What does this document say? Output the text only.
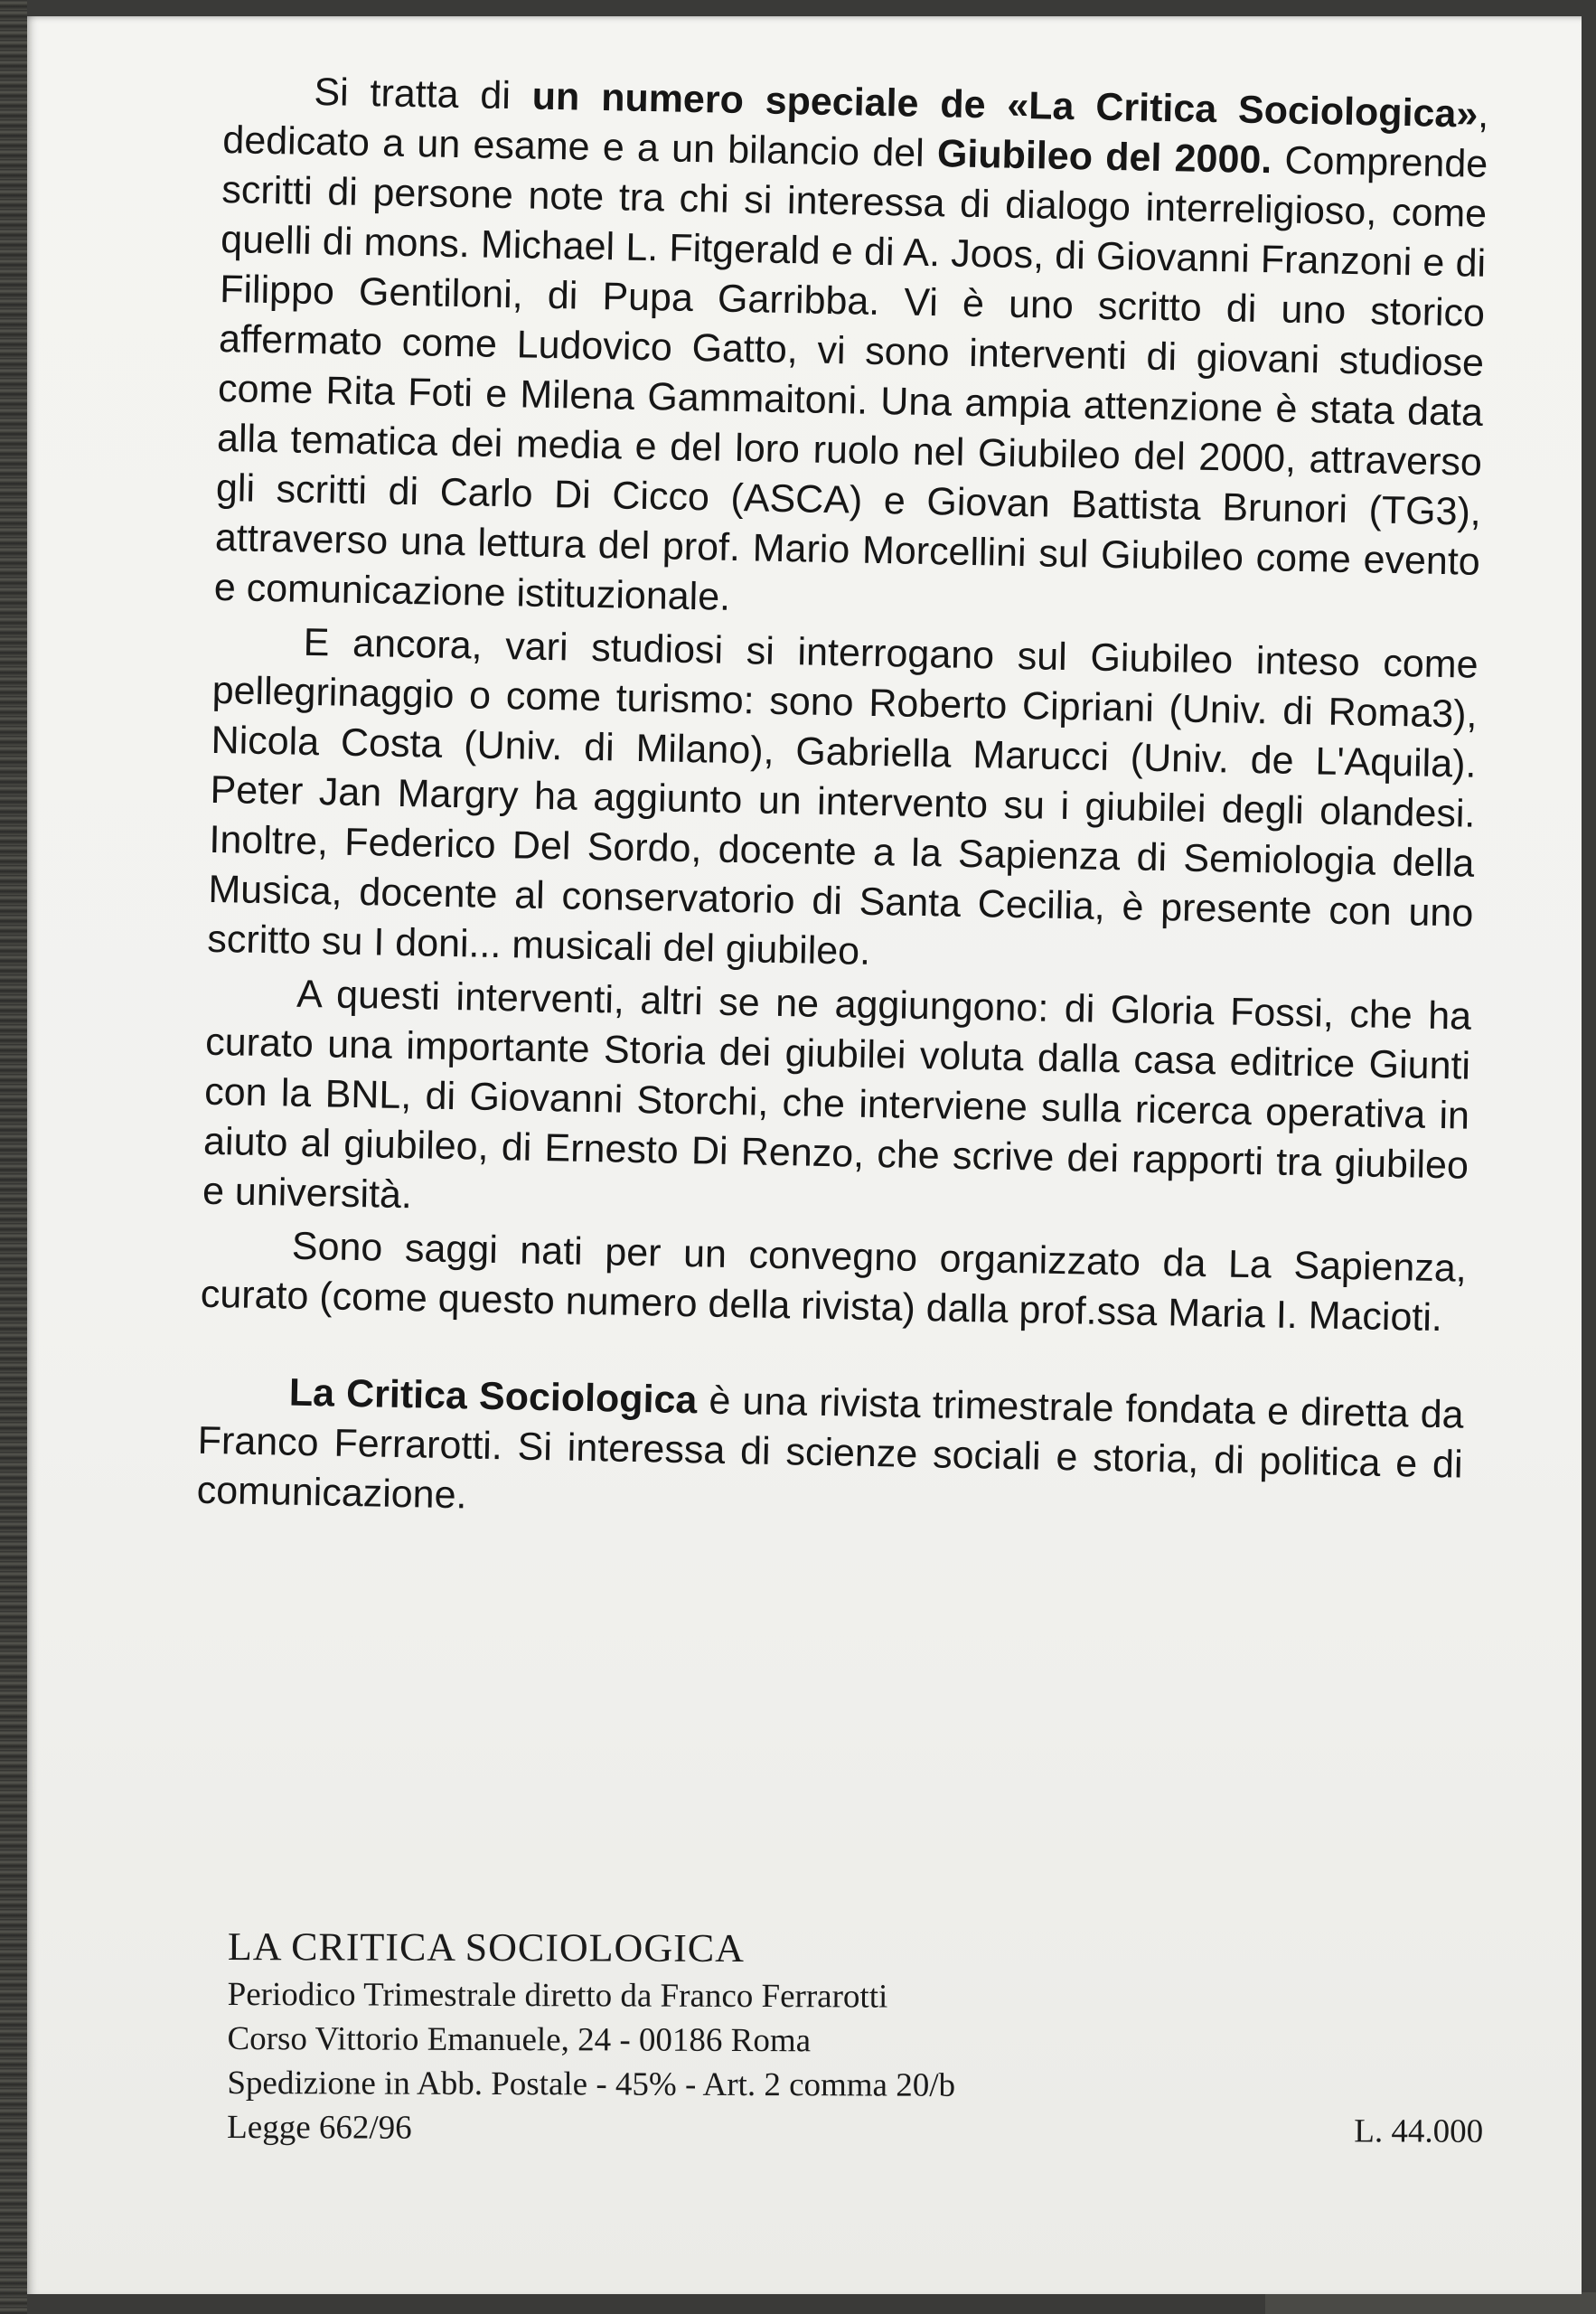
Si tratta di un numero speciale de «La Critica Sociologica», dedicato a un esame e a un bilancio del Giubileo del 2000. Comprende scritti di persone note tra chi si interessa di dialogo interreligioso, come quelli di mons. Michael L. Fitgerald e di A. Joos, di Giovanni Franzoni e di Filippo Gentiloni, di Pupa Garribba. Vi è uno scritto di uno storico affermato come Ludovico Gatto, vi sono interventi di giovani studiose come Rita Foti e Milena Gammaitoni. Una ampia attenzione è stata data alla tematica dei media e del loro ruolo nel Giubileo del 2000, attraverso gli scritti di Carlo Di Cicco (ASCA) e Giovan Battista Brunori (TG3), attraverso una lettura del prof. Mario Morcellini sul Giubileo come evento e comunicazione istituzionale.

E ancora, vari studiosi si interrogano sul Giubileo inteso come pellegrinaggio o come turismo: sono Roberto Cipriani (Univ. di Roma3), Nicola Costa (Univ. di Milano), Gabriella Marucci (Univ. de L'Aquila). Peter Jan Margry ha aggiunto un intervento su i giubilei degli olandesi. Inoltre, Federico Del Sordo, docente a la Sapienza di Semiologia della Musica, docente al conservatorio di Santa Cecilia, è presente con uno scritto su I doni... musicali del giubileo.

A questi interventi, altri se ne aggiungono: di Gloria Fossi, che ha curato una importante Storia dei giubilei voluta dalla casa editrice Giunti con la BNL, di Giovanni Storchi, che interviene sulla ricerca operativa in aiuto al giubileo, di Ernesto Di Renzo, che scrive dei rapporti tra giubileo e università.

Sono saggi nati per un convegno organizzato da La Sapienza, curato (come questo numero della rivista) dalla prof.ssa Maria I. Macioti.

La Critica Sociologica è una rivista trimestrale fondata e diretta da Franco Ferrarotti. Si interessa di scienze sociali e storia, di politica e di comunicazione.

LA CRITICA SOCIOLOGICA
Periodico Trimestrale diretto da Franco Ferrarotti
Corso Vittorio Emanuele, 24 - 00186 Roma
Spedizione in Abb. Postale - 45% - Art. 2 comma 20/b
Legge 662/96	L. 44.000
